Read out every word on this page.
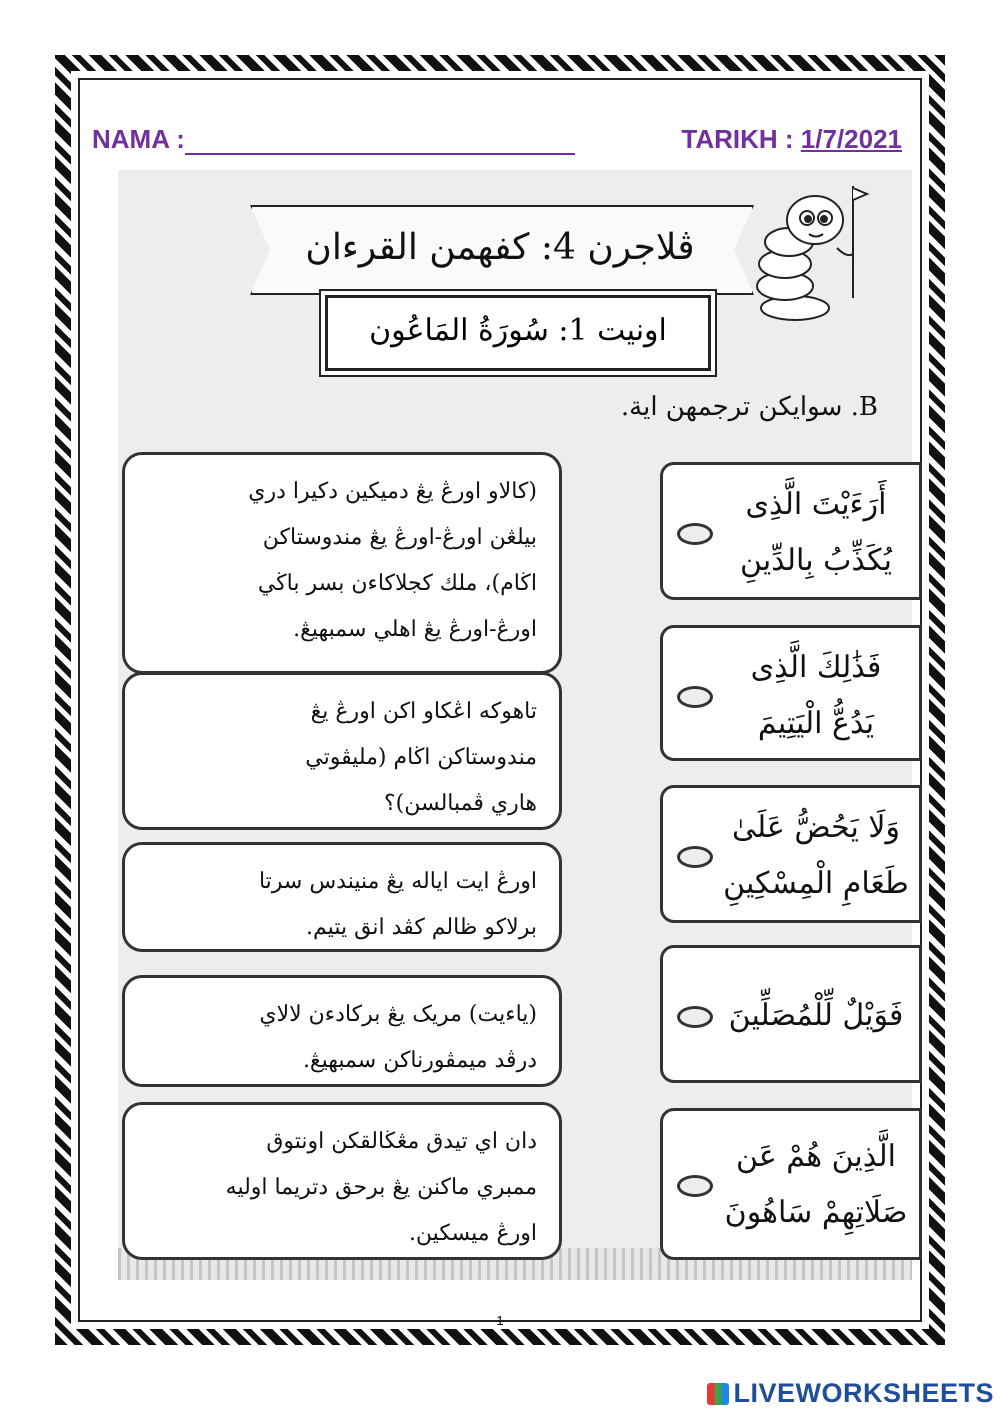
NAMA :	TARIKH : 1/7/2021
ڤلاجرن 4: كفهمن القرءان
اونيت 1: سُورَةُ المَاعُون
B. سوايكن ترجمهن اية.
(كالاو اورڠ يڠ دميكين دكيرا دري
بيلڠن اورڠ-اورڠ يڠ مندوستاكن
اڬام)، ملك كجلاكاءن بسر باڬي
اورڠ-اورڠ يڠ اهلي سمبهيڠ.
تاهوكه اڠكاو اكن اورڠ يڠ
مندوستاكن اڬام (مليڤوتي
هاري ڤمبالسن)؟
اورڠ ايت اياله يڠ منيندس سرتا
برلاكو ظالم كڤد انق يتيم.
(ياءيت) مريک يڠ بركادءن لالاي
درڤد ميمڤورناكن سمبهيڠ.
دان اي تيدق مڠڬالقكن اونتوق
ممبري ماكنن يڠ برحق دتريما اوليه
اورڠ ميسكين.
أَرَءَيْتَ الَّذِى
يُكَذِّبُ بِالدِّينِ
فَذَٰلِكَ الَّذِى
يَدُعُّ الْيَتِيمَ
وَلَا يَحُضُّ عَلَىٰ
طَعَامِ الْمِسْكِينِ
فَوَيْلٌ لِّلْمُصَلِّينَ
الَّذِينَ هُمْ عَن
صَلَاتِهِمْ سَاهُونَ
1
LIVEWORKSHEETS
